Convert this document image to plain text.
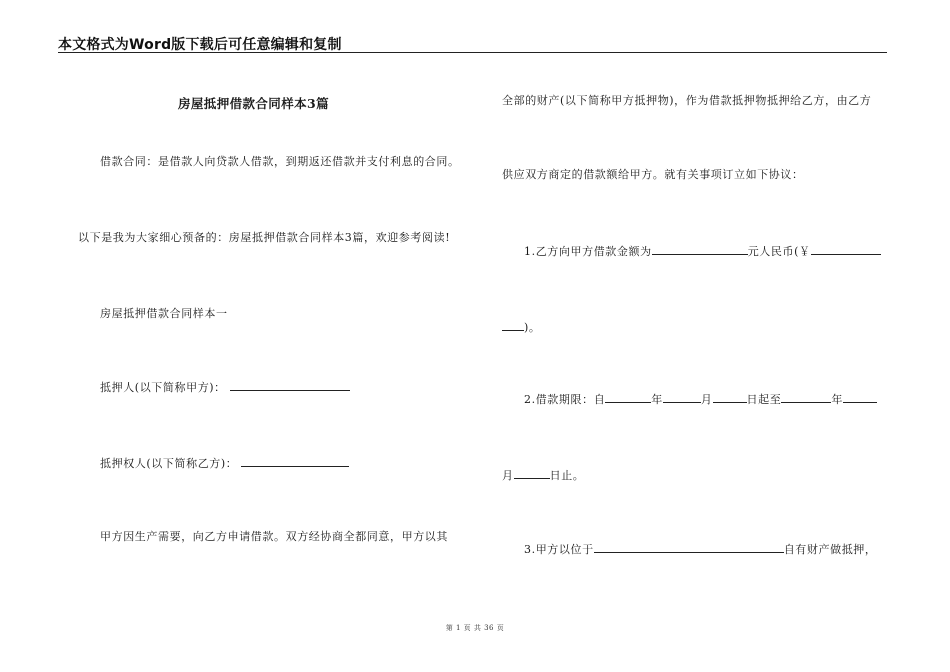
本文格式为Word版下载后可任意编辑和复制
房屋抵押借款合同样本3篇
借款合同：是借款人向贷款人借款，到期返还借款并支付利息的合同。
以下是我为大家细心预备的：房屋抵押借款合同样本3篇，欢迎参考阅读!
房屋抵押借款合同样本一
抵押人(以下简称甲方)：
抵押权人(以下简称乙方)：
甲方因生产需要，向乙方申请借款。双方经协商全都同意，甲方以其
全部的财产(以下简称甲方抵押物)，作为借款抵押物抵押给乙方，由乙方
供应双方商定的借款额给甲方。就有关事项订立如下协议：
1.乙方向甲方借款金额为	元人民币(￥
)。
2.借款期限：自	年	月	日起至	年
月	日止。
3.甲方以位于	自有财产做抵押，
第 1 页 共 36 页
